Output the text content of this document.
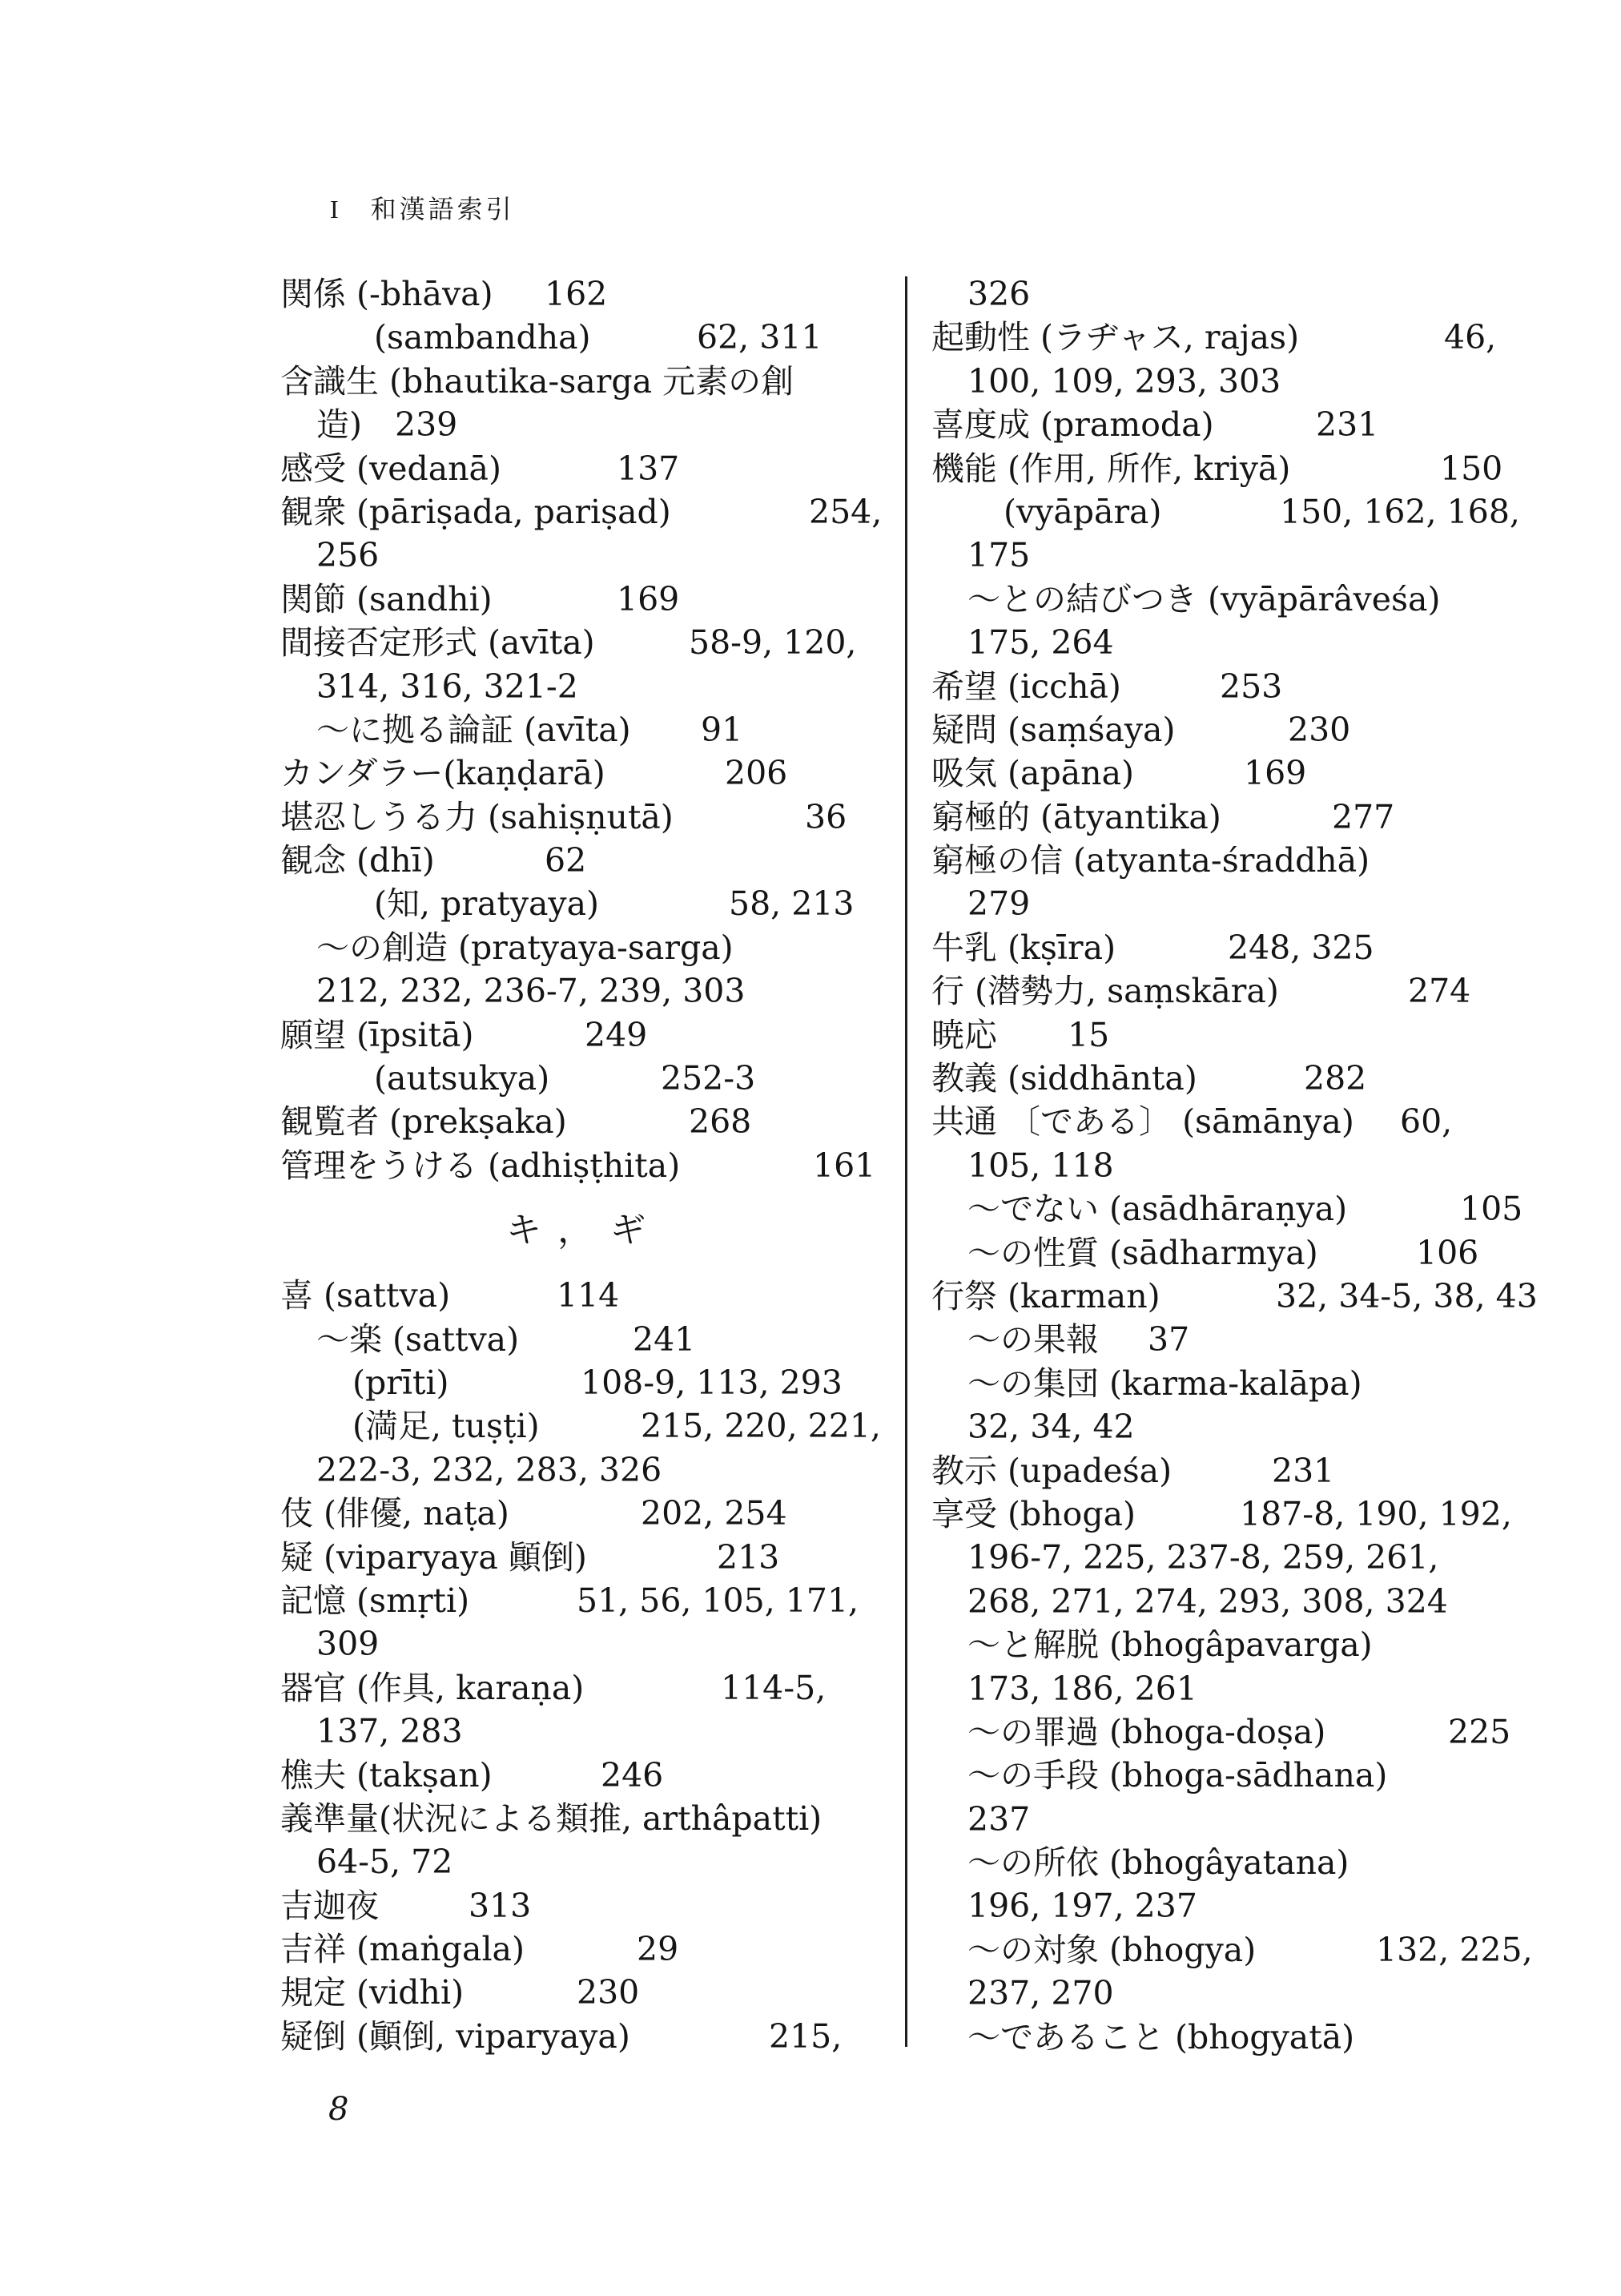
I 和漢語索引
関係 (-bhāva) 162
(sambandha)	62, 311
含識生 (bhautika-sarga 元素の創
造)　239
感受 (vedanā)	137
観衆 (pāriṣada, pariṣad)	254,
256
関節 (sandhi)	169
間接否定形式 (avīta)	58-9, 120,
314, 316, 321-2
～に拠る論証 (avīta) 91
カンダラー(kaṇḍarā)	206
堪忍しうる力 (sahiṣṇutā)	36
観念 (dhī)	62
(知, pratyaya)	58, 213
～の創造 (pratyaya-sarga)
212, 232, 236-7, 239, 303
願望 (īpsitā)	249
(autsukya)	252-3
観覧者 (prekṣaka)	268
管理をうける (adhiṣṭhita)	161
キ，ギ
喜 (sattva)	114
～楽 (sattva)	241
(prīti)	108-9, 113, 293
(満足, tuṣṭi)	215, 220, 221,
222-3, 232, 283, 326
伎 (俳優, naṭa)	202, 254
疑 (viparyaya 顚倒)	213
記憶 (smṛti)	51, 56, 105, 171,
309
器官 (作具, karaṇa)	114-5,
137, 283
樵夫 (takṣan)	246
義準量(状況による類推, arthâpatti)
64-5, 72
吉迦夜	313
吉祥 (maṅgala)	29
規定 (vidhi)	230
疑倒 (顚倒, viparyaya)	215,
326
起動性 (ラヂャス, rajas)	46,
100, 109, 293, 303
喜度成 (pramoda)	231
機能 (作用, 所作, kriyā)	150
(vyāpāra)	150, 162, 168,
175
～との結びつき (vyāpārâveśa)
175, 264
希望 (icchā)	253
疑問 (saṃśaya)	230
吸気 (apāna)	169
窮極的 (ātyantika)	277
窮極の信 (atyanta-śraddhā)
279
牛乳 (kṣīra)	248, 325
行 (潜勢力, saṃskāra)	274
暁応 15
教義 (siddhānta)	282
共通 〔である〕 (sāmānya) 60,
105, 118
～でない (asādhāraṇya)	105
～の性質 (sādharmya)	106
行祭 (karman)	32, 34-5, 38, 43
～の果報 37
～の集団 (karma-kalāpa)
32, 34, 42
教示 (upadeśa)	231
享受 (bhoga)	187-8, 190, 192,
196-7, 225, 237-8, 259, 261,
268, 271, 274, 293, 308, 324
～と解脱 (bhogâpavarga)
173, 186, 261
～の罪過 (bhoga-doṣa)	225
～の手段 (bhoga-sādhana)
237
～の所依 (bhogâyatana)
196, 197, 237
～の対象 (bhogya)	132, 225,
237, 270
～であること (bhogyatā)
8
